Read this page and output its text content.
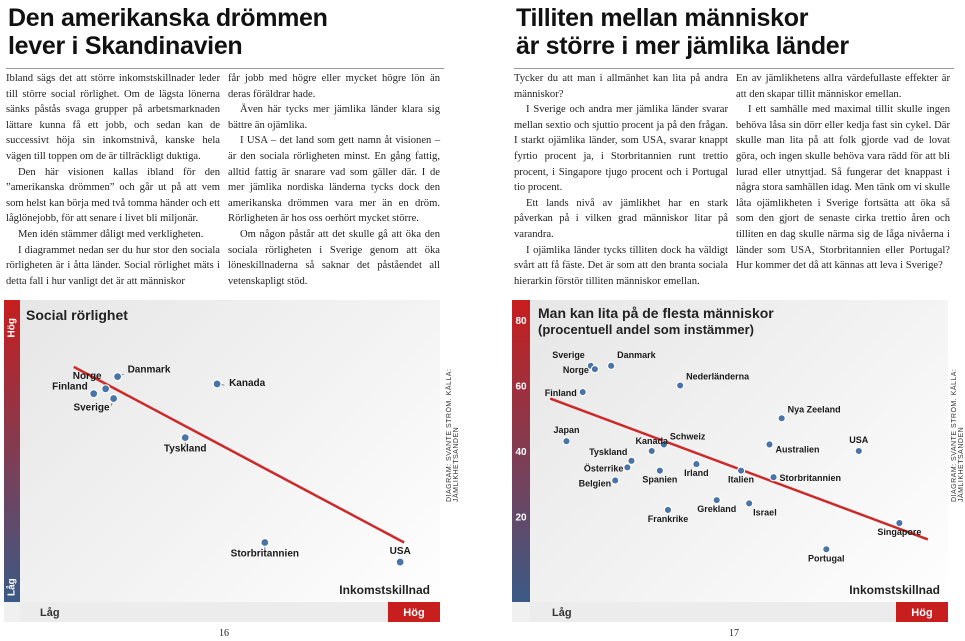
Den amerikanska drömmen
lever i Skandinavien

Ibland sägs det att större inkomstskillnader leder till större social rörlighet. Om de lägsta lönerna sänks påstås svaga grupper på arbetsmarknaden lättare kunna få ett jobb, och sedan kan de successivt höja sin inkomstnivå, kanske hela vägen till toppen om de är tillräckligt duktiga.

Den här visionen kallas ibland för den ”amerikanska drömmen” och går ut på att vem som helst kan börja med två tomma händer och ett låglönejobb, för att senare i livet bli miljonär.

Men idén stämmer dåligt med verkligheten.

I diagrammet nedan ser du hur stor den sociala rörligheten är i åtta länder. Social rörlighet mäts i detta fall i hur vanligt det är att människor

får jobb med högre eller mycket högre lön än deras föräldrar hade.

Även här tycks mer jämlika länder klara sig bättre än ojämlika.

I USA – det land som gett namn åt visionen – är den sociala rörligheten minst. En gång fattig, alltid fattig är snarare vad som gäller där. I de mer jämlika nordiska länderna tycks dock den amerikanska drömmen vara mer än en dröm. Rörligheten är hos oss oerhört mycket större.

Om någon påstår att det skulle gå att öka den sociala rörligheten i Sverige genom att öka löneskillnaderna så saknar det påståendet all vetenskapligt stöd.

Hög
Låg
Social rörlighet
Låg	Hög
Inkomstskillnad
Norge
Danmark
Finland
Sverige
Kanada
Tyskland
Storbritannien	USA
DIAGRAM: SVANTE STRÖM. KÄLLA: JÄMLIKHETSANDEN
16
Tilliten mellan människor
är större i mer jämlika länder

Tycker du att man i allmänhet kan lita på andra människor?

I Sverige och andra mer jämlika länder svarar mellan sextio och sjuttio procent ja på den frågan. I starkt ojämlika länder, som USA, svarar knappt fyrtio procent ja, i Storbritannien runt trettio procent, i Singapore tjugo procent och i Portugal tio procent.

Ett lands nivå av jämlikhet har en stark påverkan på i vilken grad människor litar på varandra.

I ojämlika länder tycks tilliten dock ha väldigt svårt att få fäste. Det är som att den branta sociala hierarkin förstör tilliten människor emellan.

En av jämlikhetens allra värdefullaste effekter är att den skapar tillit människor emellan.

I ett samhälle med maximal tillit skulle ingen behöva låsa sin dörr eller kedja fast sin cykel. Där skulle man lita på att folk gjorde vad de lovat göra, och ingen skulle behöva vara rädd för att bli lurad eller utnyttjad. Så fungerar det knappast i några stora samhällen idag. Men tänk om vi skulle låta ojämlikheten i Sverige fortsätta att öka så som den gjort de senaste cirka trettio åren och tilliten en dag skulle närma sig de låga nivåerna i länder som USA, Storbritannien eller Portugal? Hur kommer det då att kännas att leva i Sverige?

20
40
60
80
Man kan lita på de flesta människor
(procentuell andel som instämmer)
Låg	Hög
Inkomstskillnad
Sverige
Norge
Danmark
Finland
Nederländerna
Japan
Nya Zeeland
Schweiz
Kanada
Australien
USA
Tyskland
Österrike	Irland
Spanien
Belgien	Italien	Storbritannien
Grekland Israel
Frankrike
Singapore
Portugal
DIAGRAM: SVANTE STRÖM. KÄLLA: JÄMLIKHETSANDEN
17
